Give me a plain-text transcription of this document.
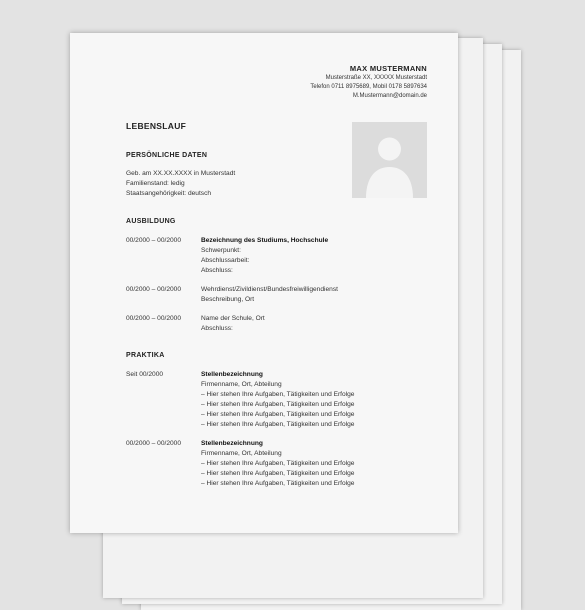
MAX MUSTERMANN
Musterstraße XX, XXXXX Musterstadt
Telefon 0711 8975689, Mobil 0178 5897634
M.Mustermann@domain.de
LEBENSLAUF
PERSÖNLICHE DATEN
Geb. am XX.XX.XXXX in Musterstadt
Familienstand: ledig
Staatsangehörigkeit: deutsch
AUSBILDUNG
00/2000 – 00/2000	Bezeichnung des Studiums, Hochschule
Schwerpunkt:
Abschlussarbeit:
Abschluss:
00/2000 – 00/2000	Wehrdienst/Zivildienst/Bundesfreiwilligendienst
Beschreibung, Ort
00/2000 – 00/2000	Name der Schule, Ort
Abschluss:
PRAKTIKA
Seit 00/2000	Stellenbezeichnung
Firmenname, Ort, Abteilung
– Hier stehen Ihre Aufgaben, Tätigkeiten und Erfolge
– Hier stehen Ihre Aufgaben, Tätigkeiten und Erfolge
– Hier stehen Ihre Aufgaben, Tätigkeiten und Erfolge
– Hier stehen Ihre Aufgaben, Tätigkeiten und Erfolge
00/2000 – 00/2000	Stellenbezeichnung
Firmenname, Ort, Abteilung
– Hier stehen Ihre Aufgaben, Tätigkeiten und Erfolge
– Hier stehen Ihre Aufgaben, Tätigkeiten und Erfolge
– Hier stehen Ihre Aufgaben, Tätigkeiten und Erfolge
